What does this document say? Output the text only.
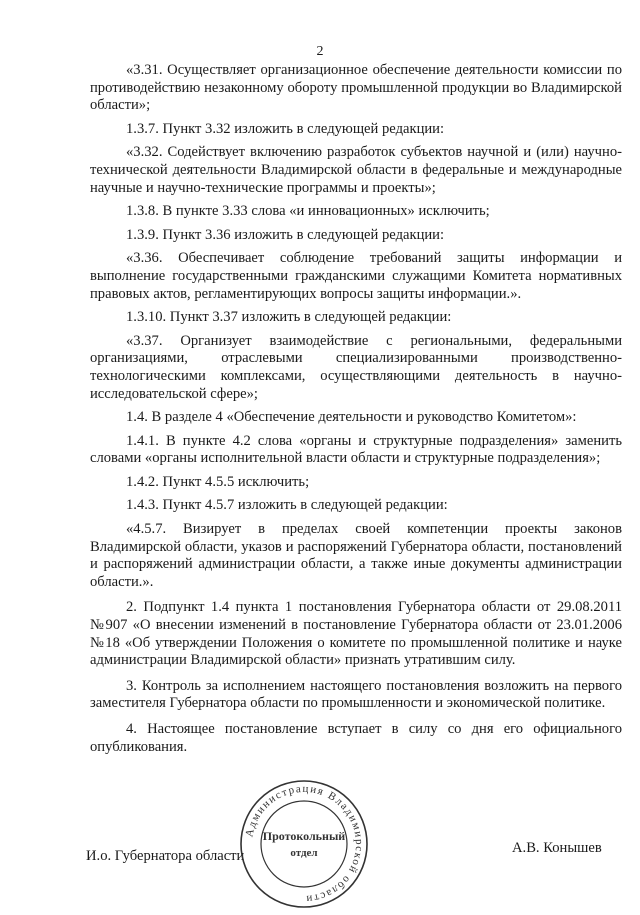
2

«3.31. Осуществляет организационное обеспечение деятельности комиссии по противодействию незаконному обороту промышленной продукции во Владимирской области»;

1.3.7. Пункт 3.32 изложить в следующей редакции:

«3.32. Содействует включению разработок субъектов научной и (или) научно-технической деятельности Владимирской области в федеральные и международные научные и научно-технические программы и проекты»;

1.3.8. В пункте 3.33 слова «и инновационных» исключить;

1.3.9. Пункт 3.36 изложить в следующей редакции:

«3.36. Обеспечивает соблюдение требований защиты информации и выполнение государственными гражданскими служащими Комитета нормативных правовых актов, регламентирующих вопросы защиты информации.».

1.3.10. Пункт 3.37 изложить в следующей редакции:

«3.37. Организует взаимодействие с региональными, федеральными организациями, отраслевыми специализированными производственно-технологическими комплексами, осуществляющими деятельность в научно-исследовательской сфере»;

1.4. В разделе 4 «Обеспечение деятельности и руководство Комитетом»:

1.4.1. В пункте 4.2 слова «органы и структурные подразделения» заменить словами «органы исполнительной власти области и структурные подразделения»;

1.4.2. Пункт 4.5.5 исключить;

1.4.3. Пункт 4.5.7 изложить в следующей редакции:

«4.5.7. Визирует в пределах своей компетенции проекты законов Владимирской области, указов и распоряжений Губернатора области, постановлений и распоряжений администрации области, а также иные документы администрации области.».

2. Подпункт 1.4 пункта 1 постановления Губернатора области от 29.08.2011 №907 «О внесении изменений в постановление Губернатора области от 23.01.2006 №18 «Об утверждении Положения о комитете по промышленной политике и науке администрации Владимирской области» признать утратившим силу.

3. Контроль за исполнением настоящего постановления возложить на первого заместителя Губернатора области по промышленности и экономической политике.

4. Настоящее постановление вступает в силу со дня его официального опубликования.

И.о. Губернатора области	А.В. Конышев
Администрация Владимирской области
Протокольный
отдел
